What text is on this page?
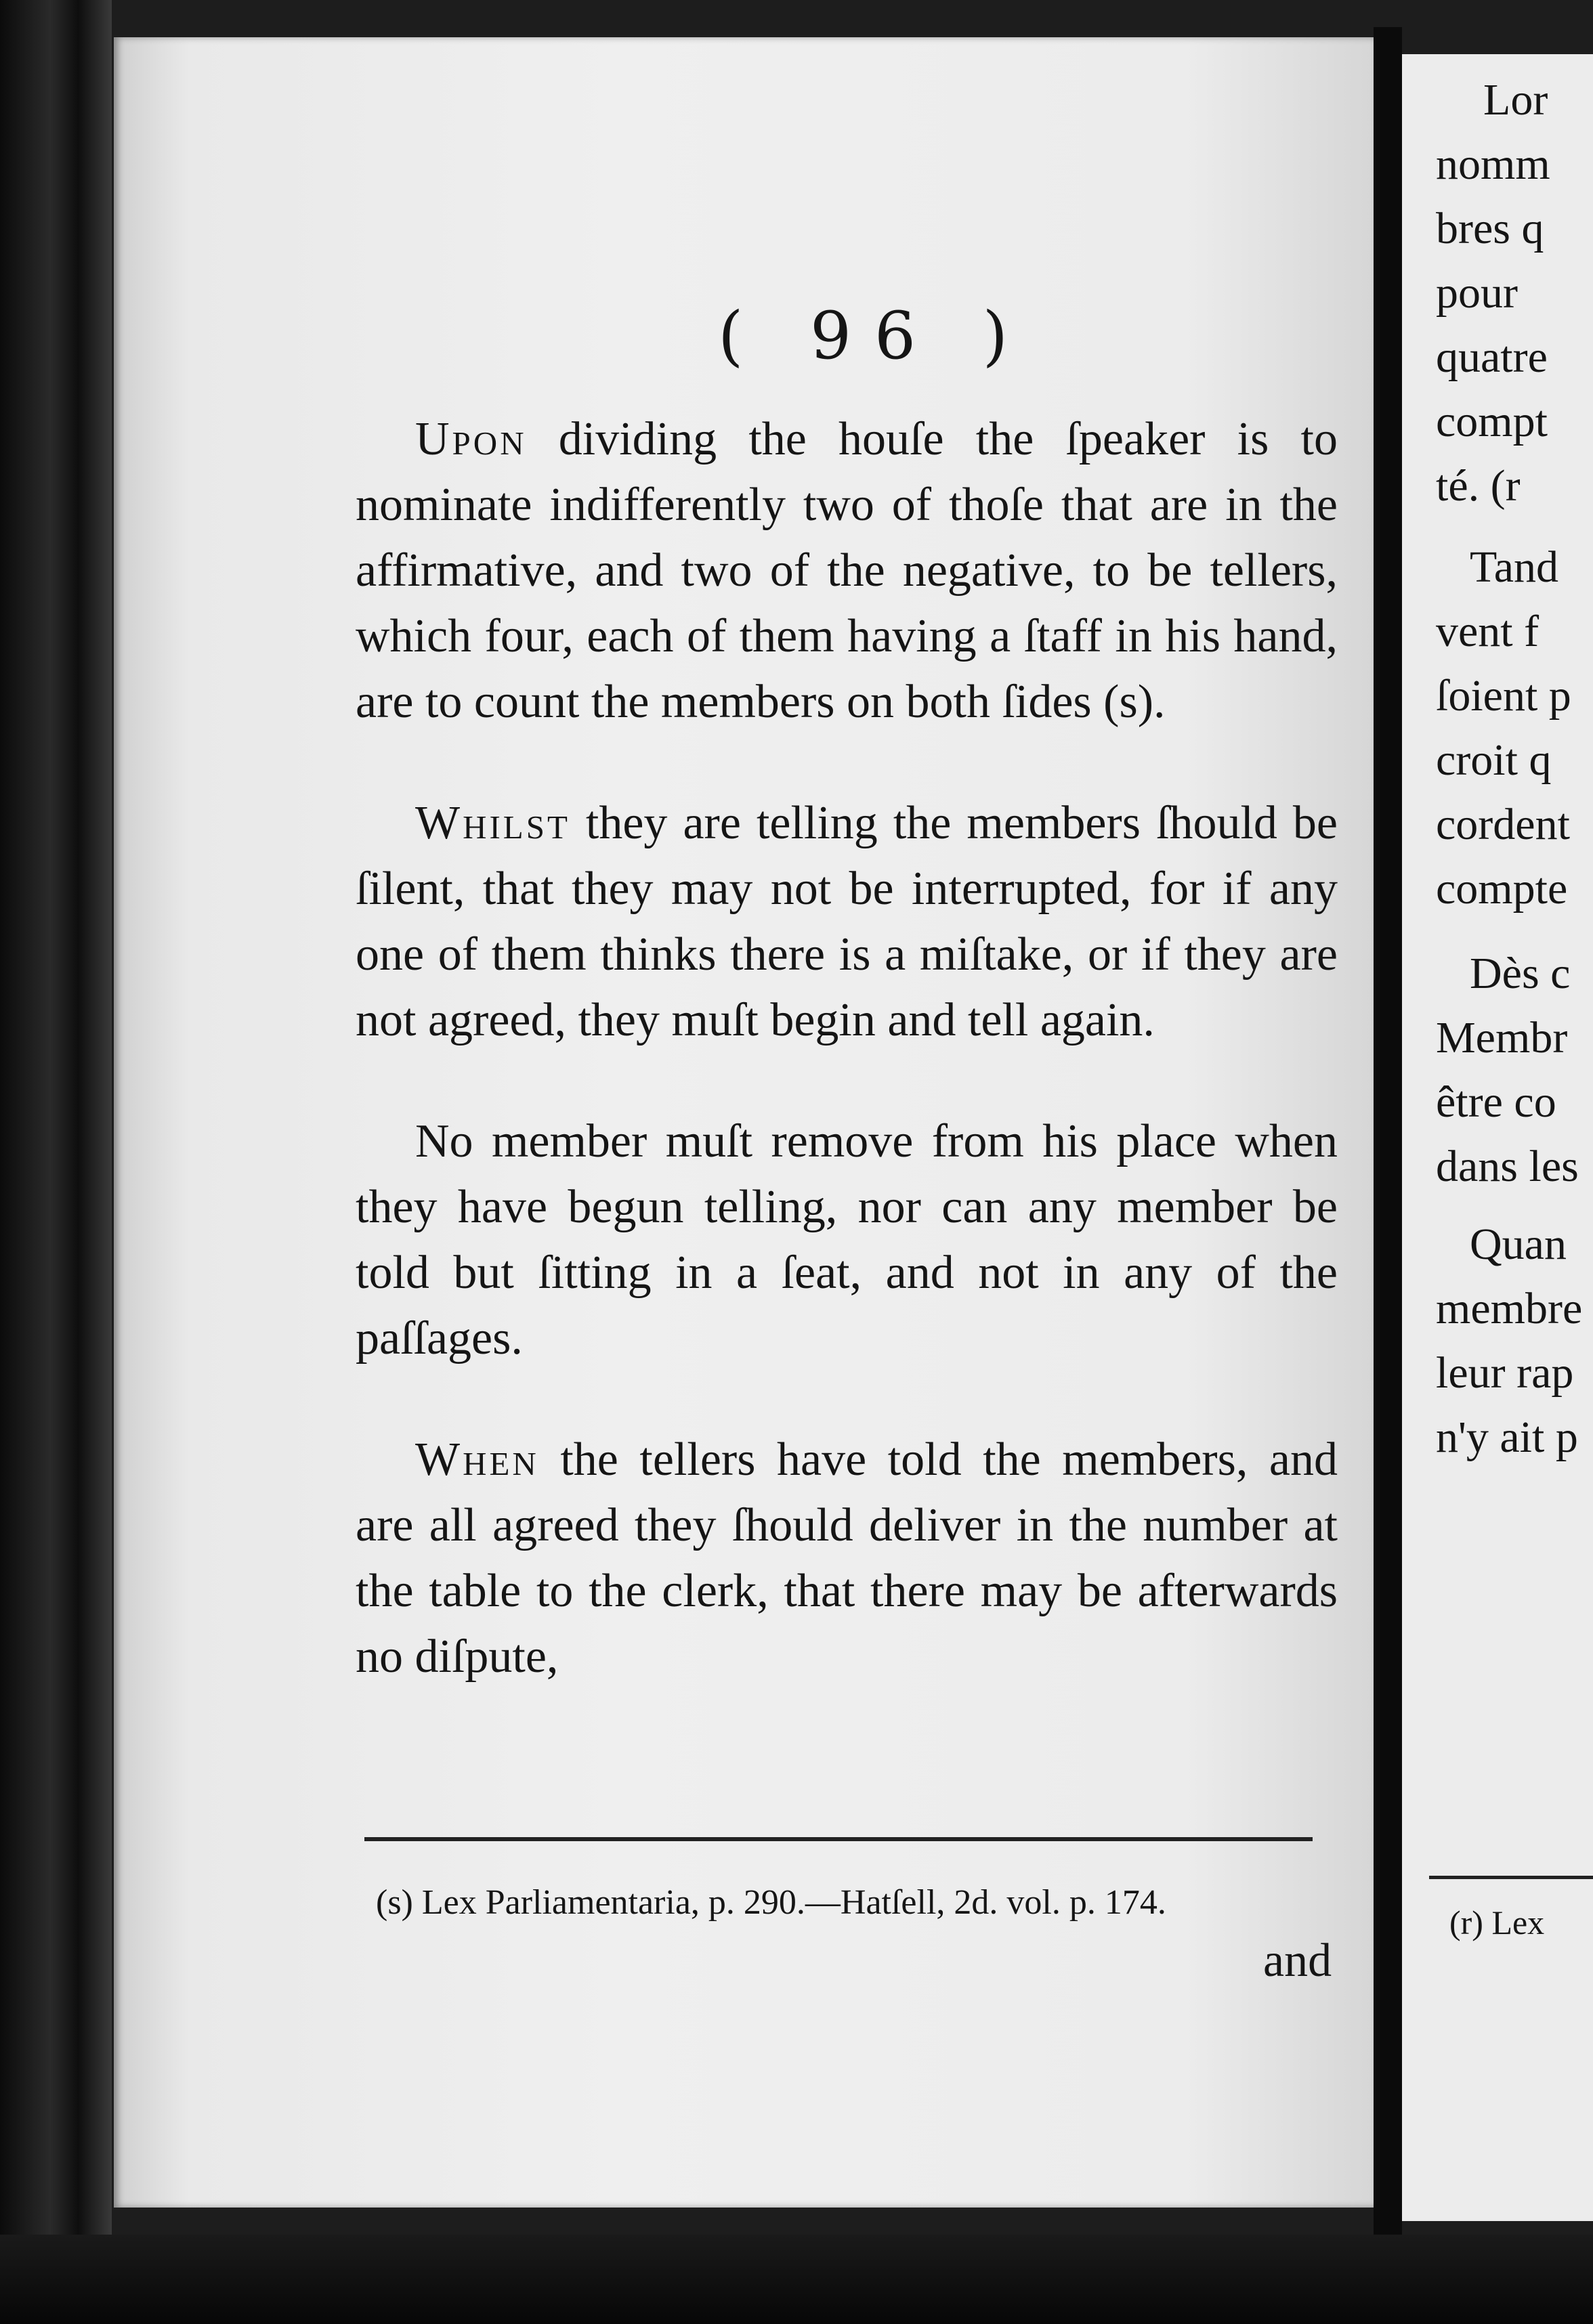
( 96 )

Upon dividing the houſe the ſpeaker is to nominate indifferently two of thoſe that are in the affirmative, and two of the negative, to be tellers, which four, each of them having a ſtaff in his hand, are to count the members on both ſides (s).

Whilst they are telling the members ſhould be ſilent, that they may not be interrupted, for if any one of them thinks there is a miſtake, or if they are not agreed, they muſt begin and tell again.

No member muſt remove from his place when they have begun telling, nor can any member be told but ſitting in a ſeat, and not in any of the paſſages.

When the tellers have told the members, and are all agreed they ſhould deliver in the number at the table to the clerk, that there may be afterwards no diſpute,

(s) Lex Parliamentaria, p. 290.—Hatſell, 2d. vol. p. 174.
and
Lor
nomm
bres q
pour
quatre
compt
té. (r
Tand
vent f
ſoient p
croit q
cordent
compte
Dès c
Membr
être co
dans les
Quan
membre
leur rap
n'y ait p
(r) Lex
